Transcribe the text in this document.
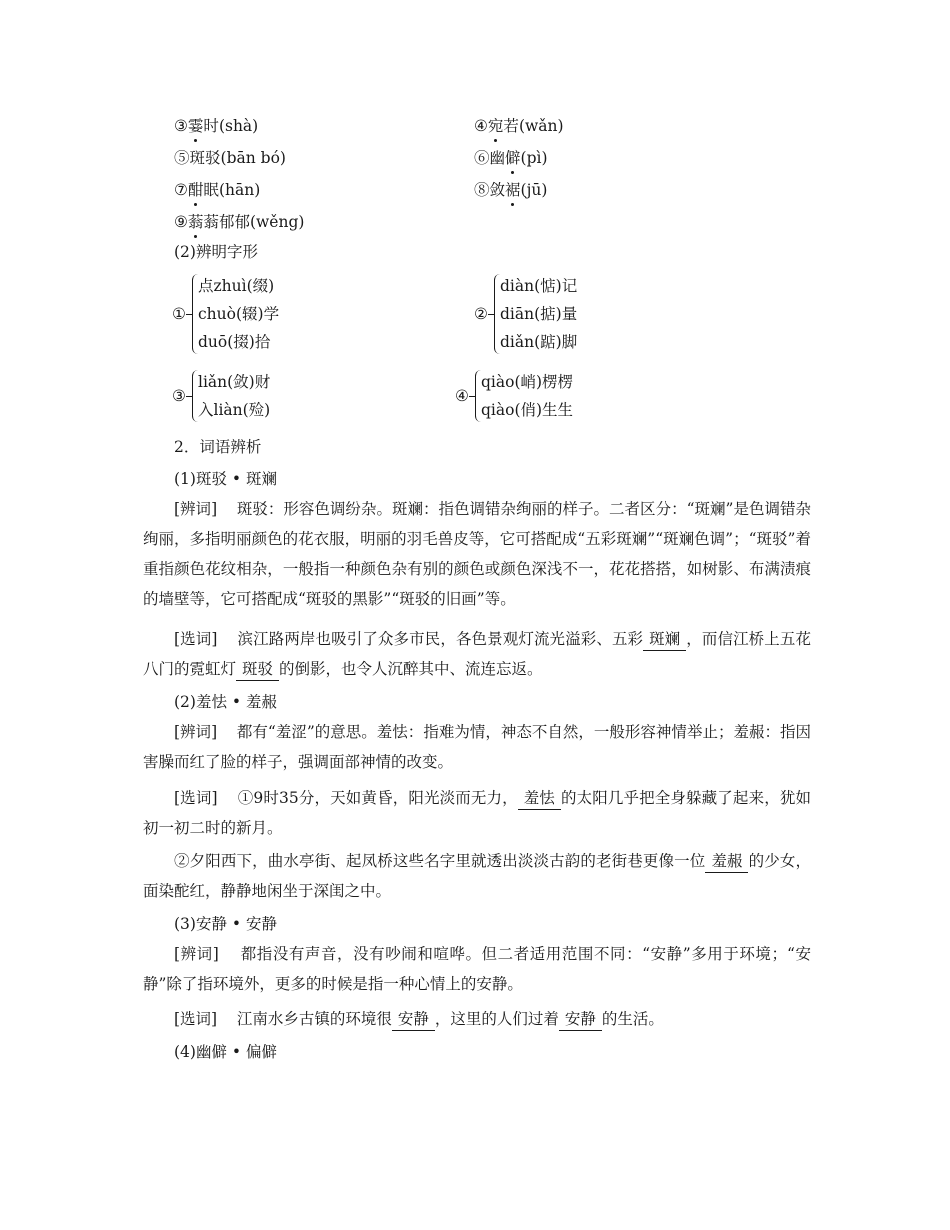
③霎时(shà)	④宛若(wǎn)
⑤斑驳(bān bó)	⑥幽僻(pì)
⑦酣眠(hān)	⑧敛裾(jū)
⑨蓊蓊郁郁(wěng)
(2)辨明字形
①
点zhuì(缀)
chuò(辍)学
duō(掇)拾
②
diàn(惦)记
diān(掂)量
diǎn(踮)脚
③
liǎn(敛)财
入liàn(殓)
④
qiào(峭)楞楞
qiào(俏)生生
2．词语辨析
(1)斑驳 • 斑斓
[辨词] 斑驳：形容色调纷杂。斑斓：指色调错杂绚丽的样子。二者区分：“斑斓”是色调错杂绚丽，多指明丽颜色的花衣服，明丽的羽毛兽皮等，它可搭配成“五彩斑斓”“斑斓色调”；“斑驳”着重指颜色花纹相杂，一般指一种颜色杂有别的颜色或颜色深浅不一，花花搭搭，如树影、布满渍痕的墙壁等，它可搭配成“斑驳的黑影”“斑驳的旧画”等。
[选词] 滨江路两岸也吸引了众多市民，各色景观灯流光溢彩、五彩 斑斓 ，而信江桥上五花八门的霓虹灯 斑驳 的倒影，也令人沉醉其中、流连忘返。
(2)羞怯 • 羞赧
[辨词] 都有“羞涩”的意思。羞怯：指难为情，神态不自然，一般形容神情举止；羞赧：指因害臊而红了脸的样子，强调面部神情的改变。
[选词] ①9时35分，天如黄昏，阳光淡而无力， 羞怯 的太阳几乎把全身躲藏了起来，犹如初一初二时的新月。
②夕阳西下，曲水亭街、起凤桥这些名字里就透出淡淡古韵的老街巷更像一位 羞赧 的少女，面染酡红，静静地闲坐于深闺之中。
(3)安静 • 安静
[辨词] 都指没有声音，没有吵闹和喧哗。但二者适用范围不同：“安静”多用于环境；“安静”除了指环境外，更多的时候是指一种心情上的安静。
[选词] 江南水乡古镇的环境很 安静 ，这里的人们过着 安静 的生活。
(4)幽僻 • 偏僻
